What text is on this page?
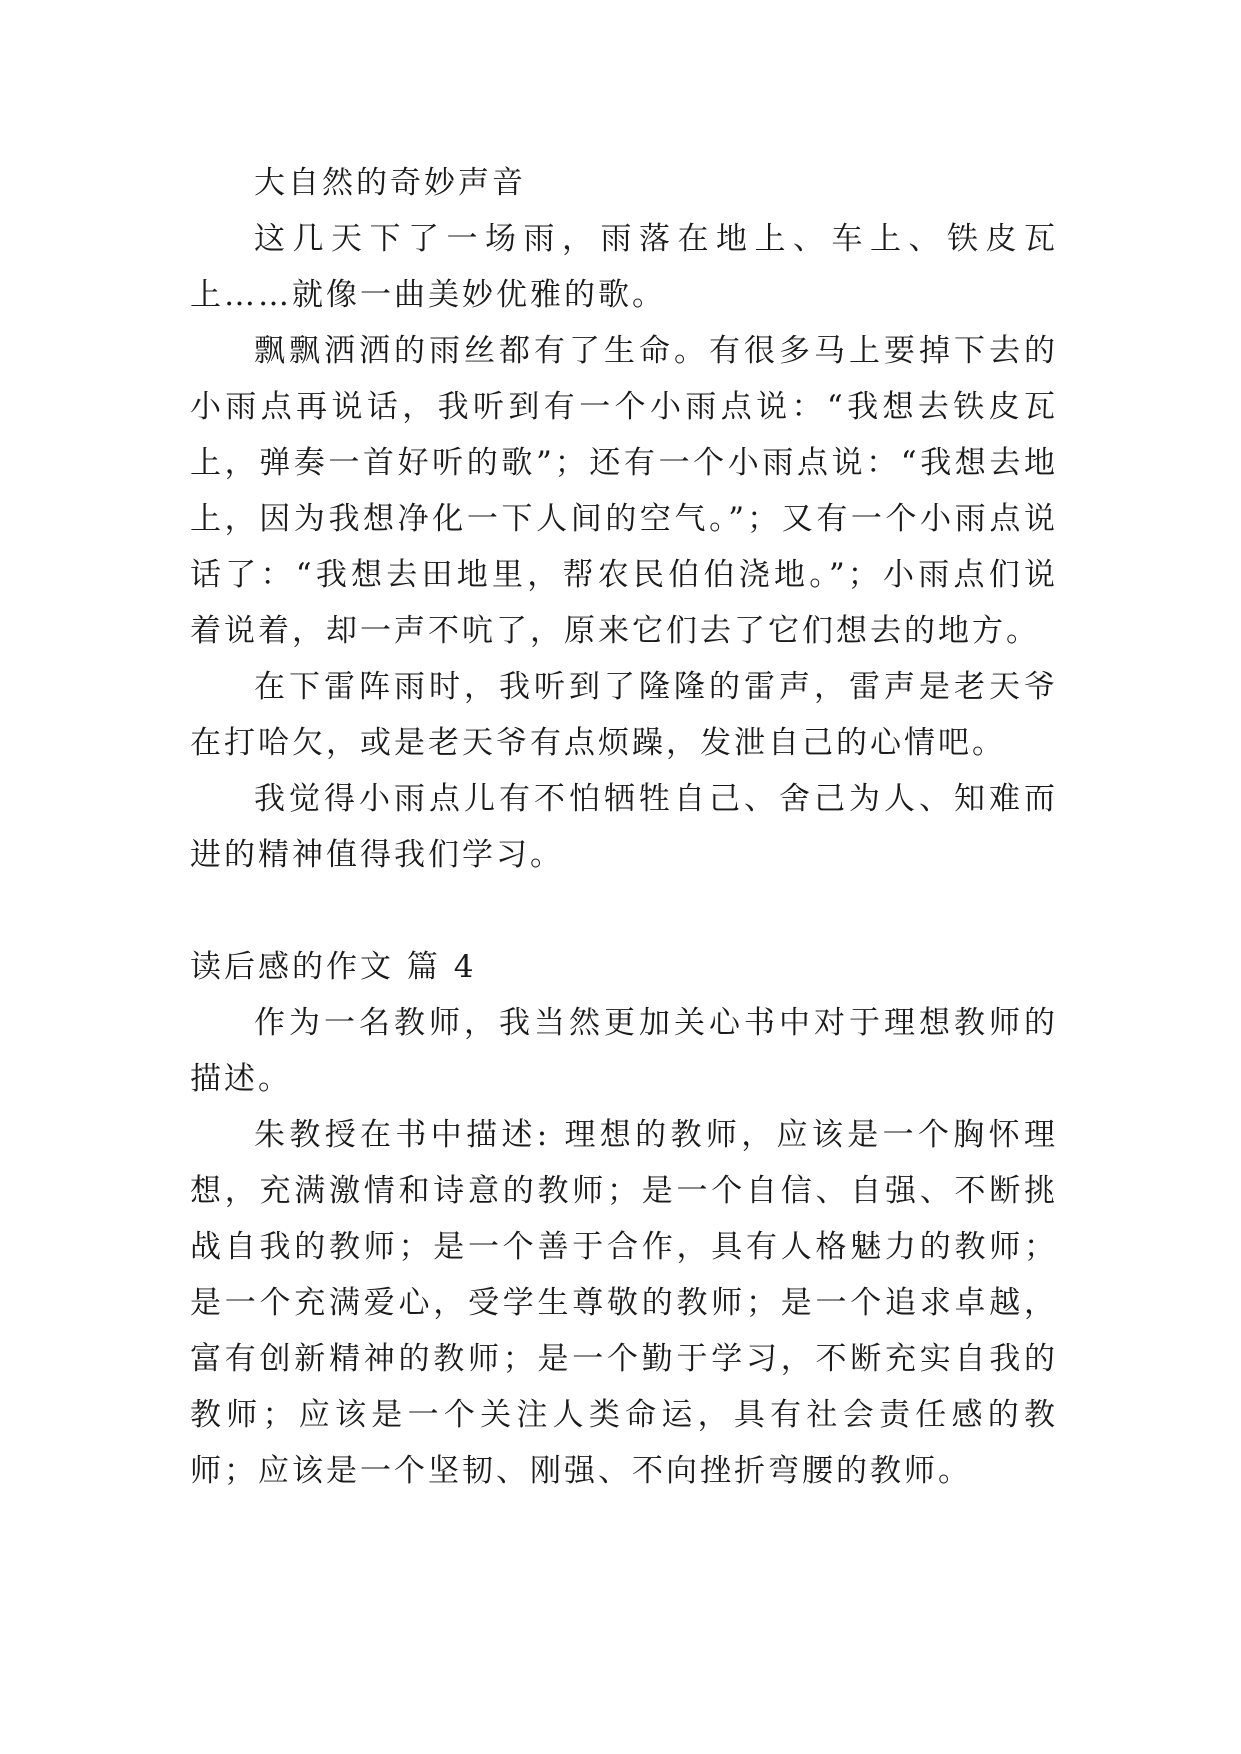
大自然的奇妙声音

这几天下了一场雨，雨落在地上、车上、铁皮瓦上……就像一曲美妙优雅的歌。

飘飘洒洒的雨丝都有了生命。有很多马上要掉下去的小雨点再说话，我听到有一个小雨点说：“我想去铁皮瓦上，弹奏一首好听的歌”；还有一个小雨点说：“我想去地上，因为我想净化一下人间的空气。”；又有一个小雨点说话了：“我想去田地里，帮农民伯伯浇地。”；小雨点们说着说着，却一声不吭了，原来它们去了它们想去的地方。

在下雷阵雨时，我听到了隆隆的雷声，雷声是老天爷在打哈欠，或是老天爷有点烦躁，发泄自己的心情吧。

我觉得小雨点儿有不怕牺牲自己、舍己为人、知难而进的精神值得我们学习。

读后感的作文 篇 4

作为一名教师，我当然更加关心书中对于理想教师的描述。

朱教授在书中描述: 理想的教师，应该是一个胸怀理想，充满激情和诗意的教师；是一个自信、自强、不断挑战自我的教师；是一个善于合作，具有人格魅力的教师；是一个充满爱心，受学生尊敬的教师；是一个追求卓越，富有创新精神的教师；是一个勤于学习，不断充实自我的教师；应该是一个关注人类命运，具有社会责任感的教师；应该是一个坚韧、刚强、不向挫折弯腰的教师。
